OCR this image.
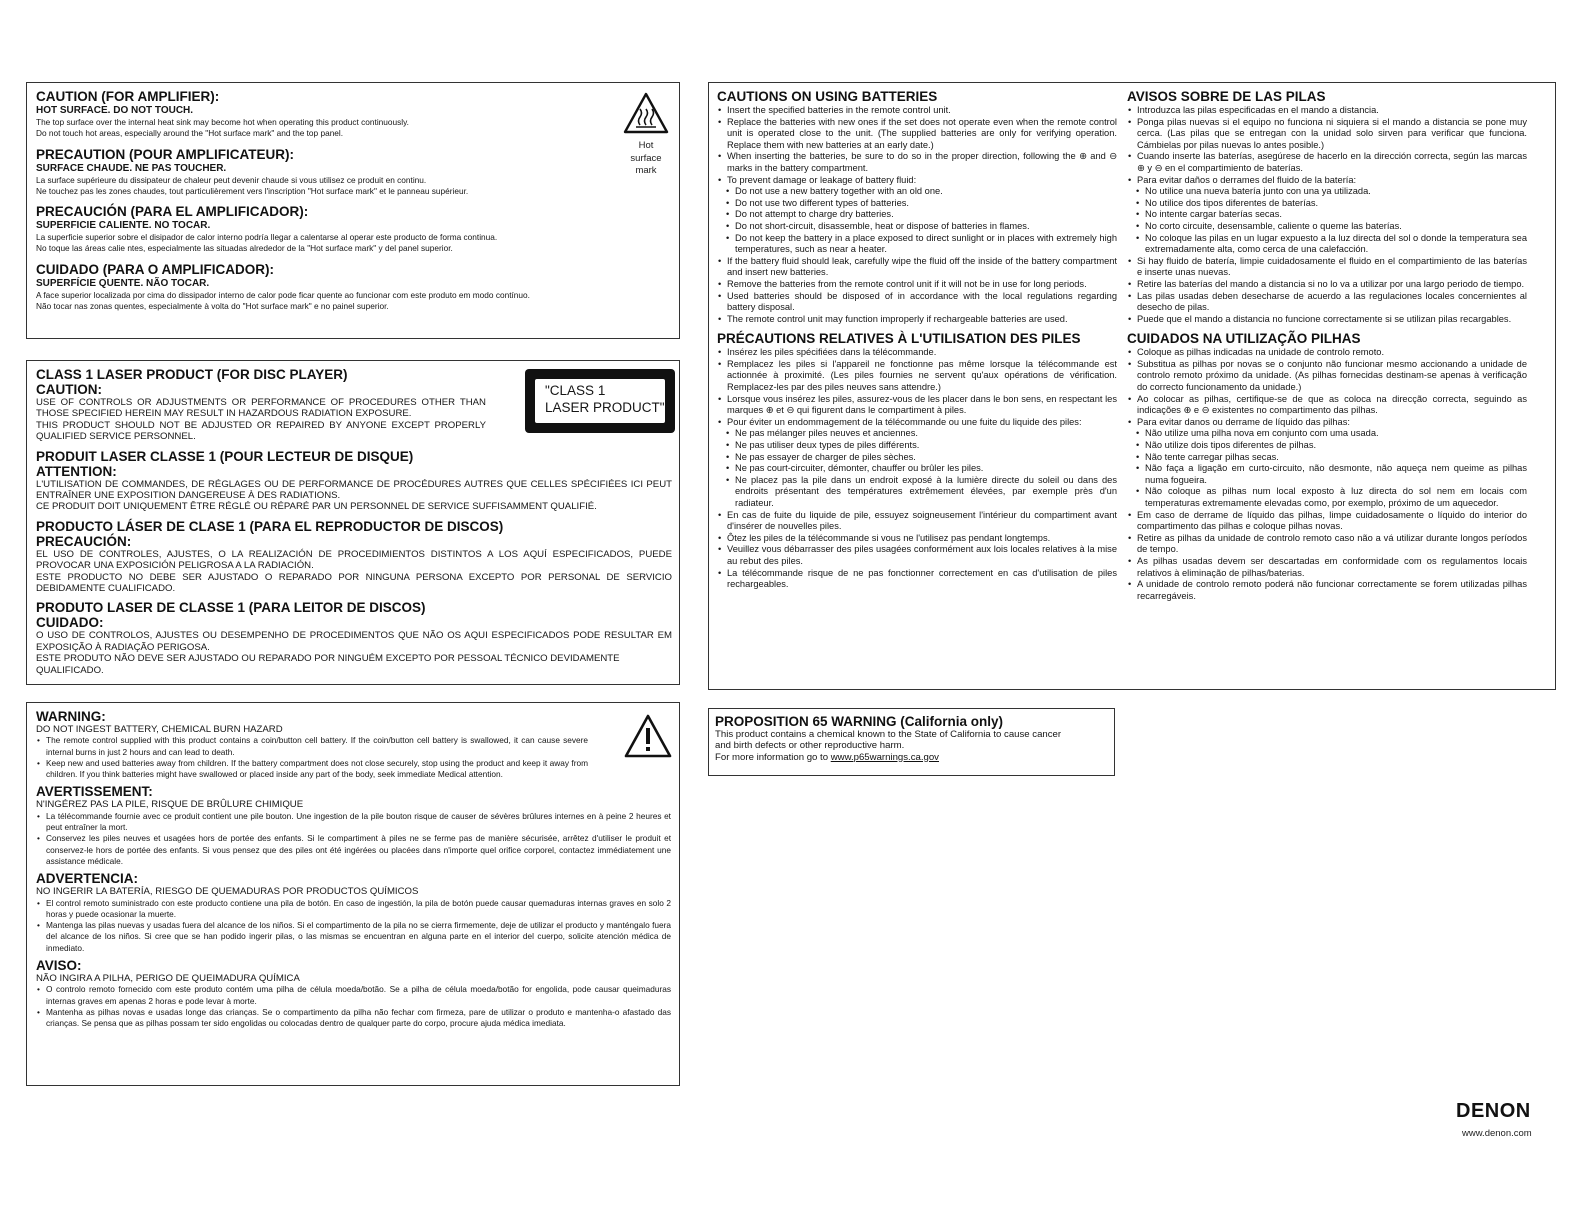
CAUTION (FOR AMPLIFIER):
HOT SURFACE. DO NOT TOUCH.
The top surface over the internal heat sink may become hot when operating this product continuously.
Do not touch hot areas, especially around the "Hot surface mark" and the top panel.
PRECAUTION (POUR AMPLIFICATEUR):
SURFACE CHAUDE. NE PAS TOUCHER.
La surface supérieure du dissipateur de chaleur peut devenir chaude si vous utilisez ce produit en continu.
Ne touchez pas les zones chaudes, tout particulièrement vers l'inscription "Hot surface mark" et le panneau supérieur.
PRECAUCIÓN (PARA EL AMPLIFICADOR):
SUPERFICIE CALIENTE. NO TOCAR.
La superficie superior sobre el disipador de calor interno podría llegar a calentarse al operar este producto de forma continua.
No toque las áreas calie ntes, especialmente las situadas alrededor de la "Hot surface mark" y del panel superior.
CUIDADO (PARA O AMPLIFICADOR):
SUPERFÍCIE QUENTE. NÃO TOCAR.
A face superior localizada por cima do dissipador interno de calor pode ficar quente ao funcionar com este produto em modo contínuo.
Não tocar nas zonas quentes, especialmente à volta do "Hot surface mark" e no painel superior.
Hot
surface
mark
CLASS 1 LASER PRODUCT (FOR DISC PLAYER)
CAUTION:
USE OF CONTROLS OR ADJUSTMENTS OR PERFORMANCE OF PROCEDURES OTHER THAN THOSE SPECIFIED HEREIN MAY RESULT IN HAZARDOUS RADIATION EXPOSURE.
THIS PRODUCT SHOULD NOT BE ADJUSTED OR REPAIRED BY ANYONE EXCEPT PROPERLY QUALIFIED SERVICE PERSONNEL.
PRODUIT LASER CLASSE 1 (POUR LECTEUR DE DISQUE)
ATTENTION:
L'UTILISATION DE COMMANDES, DE RÉGLAGES OU DE PERFORMANCE DE PROCÉDURES AUTRES QUE CELLES SPÉCIFIÉES ICI PEUT ENTRAÎNER UNE EXPOSITION DANGEREUSE À DES RADIATIONS.
CE PRODUIT DOIT UNIQUEMENT ÊTRE RÉGLÉ OU RÉPARÉ PAR UN PERSONNEL DE SERVICE SUFFISAMMENT QUALIFIÉ.
PRODUCTO LÁSER DE CLASE 1 (PARA EL REPRODUCTOR DE DISCOS)
PRECAUCIÓN:
EL USO DE CONTROLES, AJUSTES, O LA REALIZACIÓN DE PROCEDIMIENTOS DISTINTOS A LOS AQUÍ ESPECIFICADOS, PUEDE PROVOCAR UNA EXPOSICIÓN PELIGROSA A LA RADIACIÓN.
ESTE PRODUCTO NO DEBE SER AJUSTADO O REPARADO POR NINGUNA PERSONA EXCEPTO POR PERSONAL DE SERVICIO DEBIDAMENTE CUALIFICADO.
PRODUTO LASER DE CLASSE 1 (PARA LEITOR DE DISCOS)
CUIDADO:
O USO DE CONTROLOS, AJUSTES OU DESEMPENHO DE PROCEDIMENTOS QUE NÃO OS AQUI ESPECIFICADOS PODE RESULTAR EM EXPOSIÇÃO À RADIAÇÃO PERIGOSA.
ESTE PRODUTO NÃO DEVE SER AJUSTADO OU REPARADO POR NINGUÉM EXCEPTO POR PESSOAL TÉCNICO DEVIDAMENTE QUALIFICADO.
"CLASS 1
LASER PRODUCT"
WARNING:
DO NOT INGEST BATTERY, CHEMICAL BURN HAZARD
• The remote control supplied with this product contains a coin/button cell battery. If the coin/button cell battery is swallowed, it can cause severe internal burns in just 2 hours and can lead to death.
• Keep new and used batteries away from children. If the battery compartment does not close securely, stop using the product and keep it away from children. If you think batteries might have swallowed or placed inside any part of the body, seek immediate Medical attention.
AVERTISSEMENT:
N'INGÉREZ PAS LA PILE, RISQUE DE BRÛLURE CHIMIQUE
• La télécommande fournie avec ce produit contient une pile bouton. Une ingestion de la pile bouton risque de causer de sévères brûlures internes en à peine 2 heures et peut entraîner la mort.
• Conservez les piles neuves et usagées hors de portée des enfants. Si le compartiment à piles ne se ferme pas de manière sécurisée, arrêtez d'utiliser le produit et conservez-le hors de portée des enfants. Si vous pensez que des piles ont été ingérées ou placées dans n'importe quel orifice corporel, contactez immédiatement une assistance médicale.
ADVERTENCIA:
NO INGERIR LA BATERÍA, RIESGO DE QUEMADURAS POR PRODUCTOS QUÍMICOS
• El control remoto suministrado con este producto contiene una pila de botón. En caso de ingestión, la pila de botón puede causar quemaduras internas graves en solo 2 horas y puede ocasionar la muerte.
• Mantenga las pilas nuevas y usadas fuera del alcance de los niños. Si el compartimento de la pila no se cierra firmemente, deje de utilizar el producto y manténgalo fuera del alcance de los niños. Si cree que se han podido ingerir pilas, o las mismas se encuentran en alguna parte en el interior del cuerpo, solicite atención médica de inmediato.
AVISO:
NÃO INGIRA A PILHA, PERIGO DE QUEIMADURA QUÍMICA
• O controlo remoto fornecido com este produto contém uma pilha de célula moeda/botão. Se a pilha de célula moeda/botão for engolida, pode causar queimaduras internas graves em apenas 2 horas e pode levar à morte.
• Mantenha as pilhas novas e usadas longe das crianças. Se o compartimento da pilha não fechar com firmeza, pare de utilizar o produto e mantenha-o afastado das crianças. Se pensa que as pilhas possam ter sido engolidas ou colocadas dentro de qualquer parte do corpo, procure ajuda médica imediata.
CAUTIONS ON USING BATTERIES
• Insert the specified batteries in the remote control unit.
• Replace the batteries with new ones if the set does not operate even when the remote control unit is operated close to the unit. (The supplied batteries are only for verifying operation. Replace them with new batteries at an early date.)
• When inserting the batteries, be sure to do so in the proper direction, following the ⊕ and ⊖ marks in the battery compartment.
• To prevent damage or leakage of battery fluid:
• Do not use a new battery together with an old one.
• Do not use two different types of batteries.
• Do not attempt to charge dry batteries.
• Do not short-circuit, disassemble, heat or dispose of batteries in flames.
• Do not keep the battery in a place exposed to direct sunlight or in places with extremely high temperatures, such as near a heater.
• If the battery fluid should leak, carefully wipe the fluid off the inside of the battery compartment and insert new batteries.
• Remove the batteries from the remote control unit if it will not be in use for long periods.
• Used batteries should be disposed of in accordance with the local regulations regarding battery disposal.
• The remote control unit may function improperly if rechargeable batteries are used.
PRÉCAUTIONS RELATIVES À L'UTILISATION DES PILES
• Insérez les piles spécifiées dans la télécommande.
• Remplacez les piles si l'appareil ne fonctionne pas même lorsque la télécommande est actionnée à proximité. (Les piles fournies ne servent qu'aux opérations de vérification. Remplacez-les par des piles neuves sans attendre.)
• Lorsque vous insérez les piles, assurez-vous de les placer dans le bon sens, en respectant les marques ⊕ et ⊖ qui figurent dans le compartiment à piles.
• Pour éviter un endommagement de la télécommande ou une fuite du liquide des piles:
• Ne pas mélanger piles neuves et anciennes.
• Ne pas utiliser deux types de piles différents.
• Ne pas essayer de charger de piles sèches.
• Ne pas court-circuiter, démonter, chauffer ou brûler les piles.
• Ne placez pas la pile dans un endroit exposé à la lumière directe du soleil ou dans des endroits présentant des températures extrêmement élevées, par exemple près d'un radiateur.
• En cas de fuite du liquide de pile, essuyez soigneusement l'intérieur du compartiment avant d'insérer de nouvelles piles.
• Ôtez les piles de la télécommande si vous ne l'utilisez pas pendant longtemps.
• Veuillez vous débarrasser des piles usagées conformément aux lois locales relatives à la mise au rebut des piles.
• La télécommande risque de ne pas fonctionner correctement en cas d'utilisation de piles rechargeables.
AVISOS SOBRE DE LAS PILAS
• Introduzca las pilas especificadas en el mando a distancia.
• Ponga pilas nuevas si el equipo no funciona ni siquiera si el mando a distancia se pone muy cerca. (Las pilas que se entregan con la unidad solo sirven para verificar que funciona. Cámbielas por pilas nuevas lo antes posible.)
• Cuando inserte las baterías, asegúrese de hacerlo en la dirección correcta, según las marcas ⊕ y ⊖ en el compartimiento de baterías.
• Para evitar daños o derrames del fluido de la batería:
• No utilice una nueva batería junto con una ya utilizada.
• No utilice dos tipos diferentes de baterías.
• No intente cargar baterías secas.
• No corto circuite, desensamble, caliente o queme las baterías.
• No coloque las pilas en un lugar expuesto a la luz directa del sol o donde la temperatura sea extremadamente alta, como cerca de una calefacción.
• Si hay fluido de batería, limpie cuidadosamente el fluido en el compartimiento de las baterías e inserte unas nuevas.
• Retire las baterías del mando a distancia si no lo va a utilizar por una largo periodo de tiempo.
• Las pilas usadas deben desecharse de acuerdo a las regulaciones locales concernientes al desecho de pilas.
• Puede que el mando a distancia no funcione correctamente si se utilizan pilas recargables.
CUIDADOS NA UTILIZAÇÃO PILHAS
• Coloque as pilhas indicadas na unidade de controlo remoto.
• Substitua as pilhas por novas se o conjunto não funcionar mesmo accionando a unidade de controlo remoto próximo da unidade. (As pilhas fornecidas destinam-se apenas à verificação do correcto funcionamento da unidade.)
• Ao colocar as pilhas, certifique-se de que as coloca na direcção correcta, seguindo as indicações ⊕ e ⊖ existentes no compartimento das pilhas.
• Para evitar danos ou derrame de líquido das pilhas:
• Não utilize uma pilha nova em conjunto com uma usada.
• Não utilize dois tipos diferentes de pilhas.
• Não tente carregar pilhas secas.
• Não faça a ligação em curto-circuito, não desmonte, não aqueça nem queime as pilhas numa fogueira.
• Não coloque as pilhas num local exposto à luz directa do sol nem em locais com temperaturas extremamente elevadas como, por exemplo, próximo de um aquecedor.
• Em caso de derrame de líquido das pilhas, limpe cuidadosamente o líquido do interior do compartimento das pilhas e coloque pilhas novas.
• Retire as pilhas da unidade de controlo remoto caso não a vá utilizar durante longos períodos de tempo.
• As pilhas usadas devem ser descartadas em conformidade com os regulamentos locais relativos à eliminação de pilhas/baterias.
• A unidade de controlo remoto poderá não funcionar correctamente se forem utilizadas pilhas recarregáveis.
PROPOSITION 65 WARNING (California only)
This product contains a chemical known to the State of California to cause cancer
and birth defects or other reproductive harm.
For more information go to www.p65warnings.ca.gov
DENON
www.denon.com
